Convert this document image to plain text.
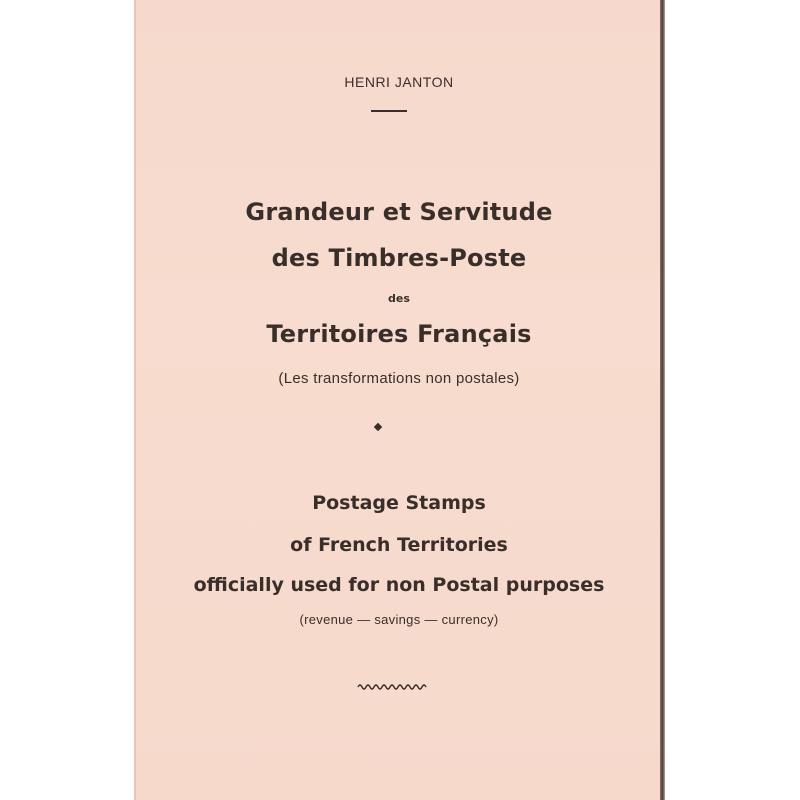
HENRI JANTON
Grandeur et Servitude
des Timbres-Poste
des
Territoires Français
(Les transformations non postales)
Postage Stamps
of French Territories
officially used for non Postal purposes
(revenue — savings — currency)
